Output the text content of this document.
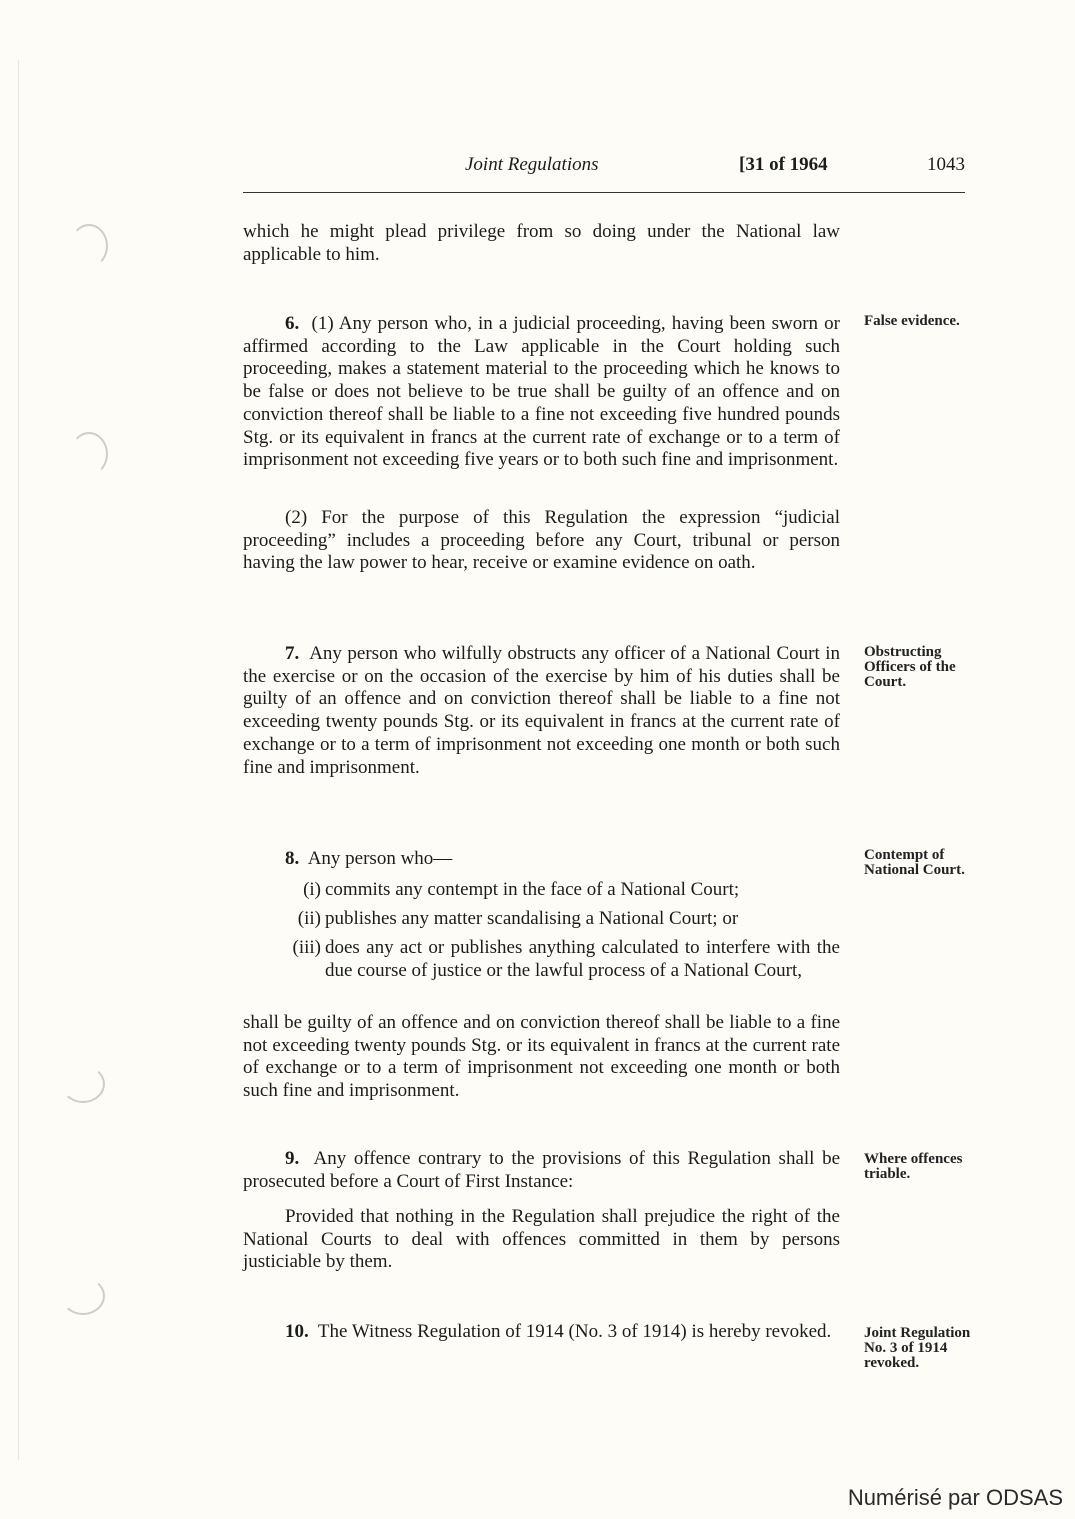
Joint Regulations	[31 of 1964	1043

which he might plead privilege from so doing under the National law applicable to him.

6. (1) Any person who, in a judicial proceeding, having been sworn or affirmed according to the Law applicable in the Court holding such proceeding, makes a statement material to the proceeding which he knows to be false or does not believe to be true shall be guilty of an offence and on conviction thereof shall be liable to a fine not exceeding five hundred pounds Stg. or its equivalent in francs at the current rate of exchange or to a term of imprisonment not exceeding five years or to both such fine and imprisonment.

(2) For the purpose of this Regulation the expression “judicial proceeding” includes a proceeding before any Court, tribunal or person having the law power to hear, receive or examine evidence on oath.

False evidence.

7. Any person who wilfully obstructs any officer of a National Court in the exercise or on the occasion of the exercise by him of his duties shall be guilty of an offence and on conviction thereof shall be liable to a fine not exceeding twenty pounds Stg. or its equivalent in francs at the current rate of exchange or to a term of imprisonment not exceeding one month or both such fine and imprisonment.

Obstructing Officers of the Court.

8. Any person who—

(i) commits any contempt in the face of a National Court;
(ii) publishes any matter scandalising a National Court; or
(iii) does any act or publishes anything calculated to interfere with the due course of justice or the lawful process of a National Court,

shall be guilty of an offence and on conviction thereof shall be liable to a fine not exceeding twenty pounds Stg. or its equivalent in francs at the current rate of exchange or to a term of imprisonment not exceeding one month or both such fine and imprisonment.

Contempt of National Court.

9. Any offence contrary to the provisions of this Regulation shall be prosecuted before a Court of First Instance:

Provided that nothing in the Regulation shall prejudice the right of the National Courts to deal with offences committed in them by persons justiciable by them.

Where offences triable.

10. The Witness Regulation of 1914 (No. 3 of 1914) is hereby revoked.	Joint Regulation No. 3 of 1914 revoked.

Numérisé par ODSAS
